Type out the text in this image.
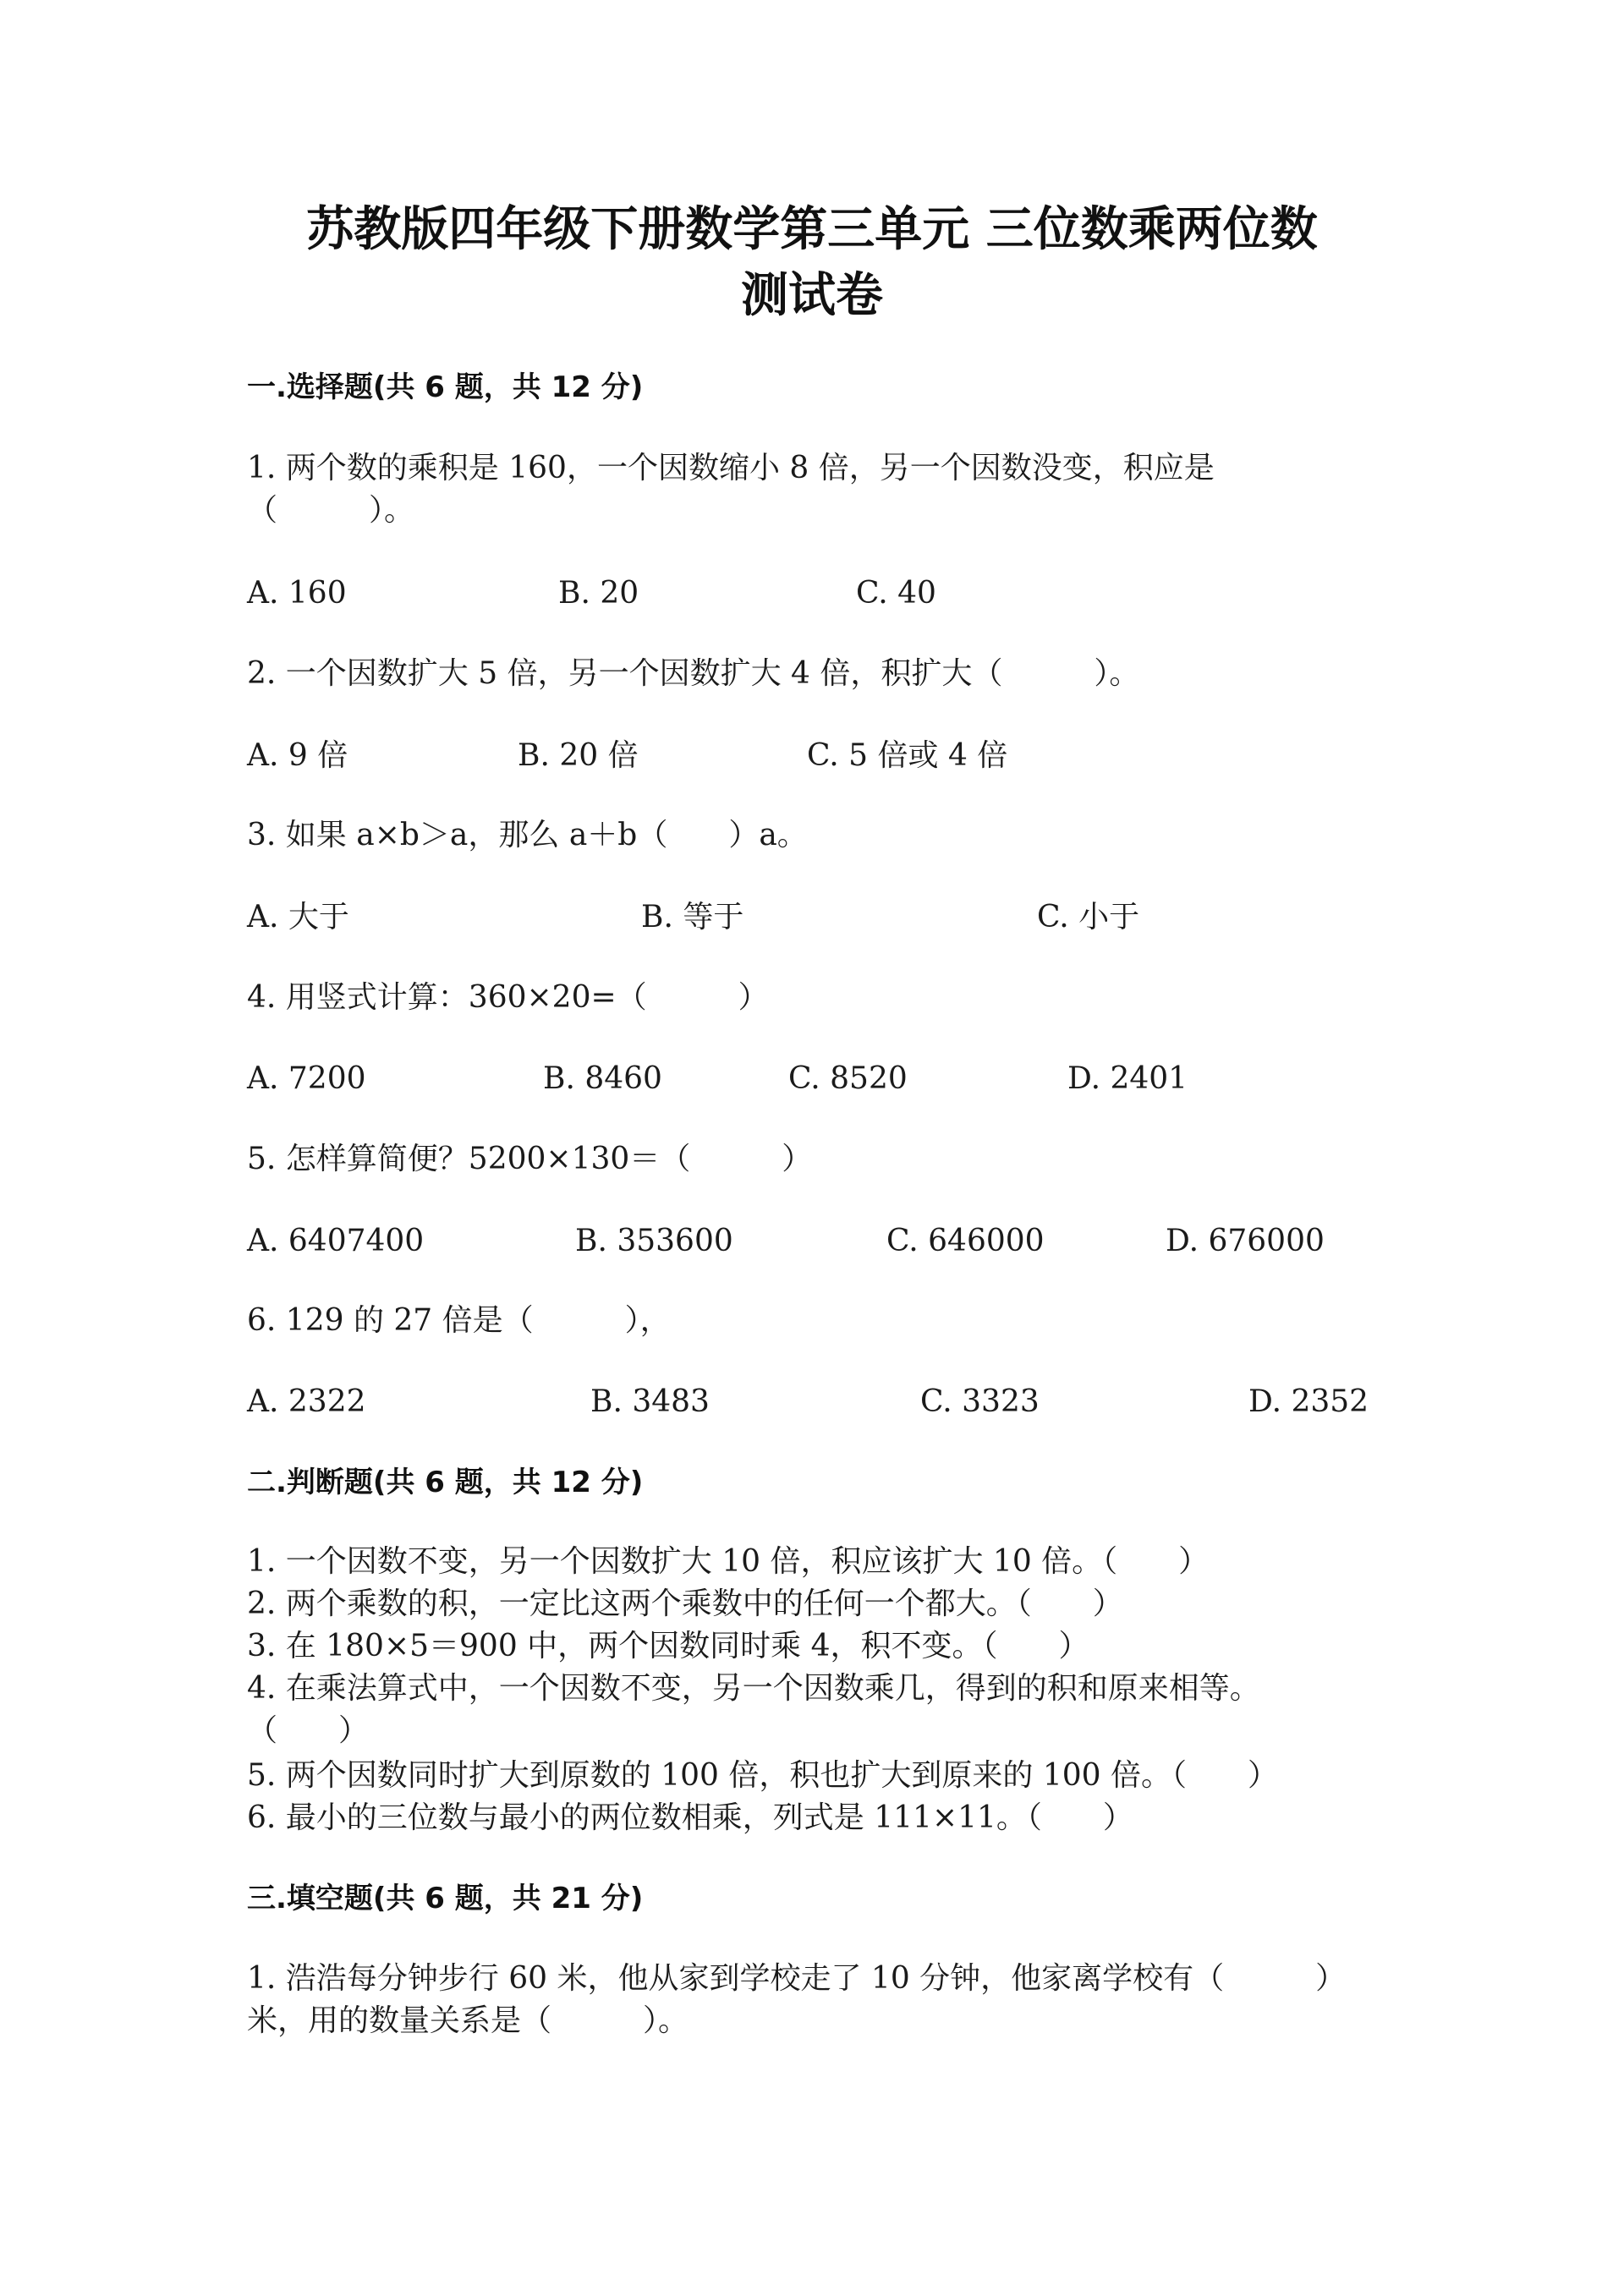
苏教版四年级下册数学第三单元 三位数乘两位数
测试卷
一.选择题(共 6 题，共 12 分)
1. 两个数的乘积是 160，一个因数缩小 8 倍，另一个因数没变，积应是
（　　　）。
A. 160	B. 20	C. 40
2. 一个因数扩大 5 倍，另一个因数扩大 4 倍，积扩大（　　　）。
A. 9 倍	B. 20 倍	C. 5 倍或 4 倍
3. 如果 a×b＞a，那么 a＋b（　　）a。
A. 大于	B. 等于	C. 小于
4. 用竖式计算：360×20=（　　　）
A. 7200	B. 8460	C. 8520	D. 2401
5. 怎样算简便？5200×130＝（　　　）
A. 6407400	B. 353600	C. 646000	D. 676000
6. 129 的 27 倍是（　　　），
A. 2322	B. 3483	C. 3323	D. 2352
二.判断题(共 6 题，共 12 分)
1. 一个因数不变，另一个因数扩大 10 倍，积应该扩大 10 倍。（　　）
2. 两个乘数的积，一定比这两个乘数中的任何一个都大。（　　）
3. 在 180×5＝900 中，两个因数同时乘 4，积不变。（　　）
4. 在乘法算式中，一个因数不变，另一个因数乘几，得到的积和原来相等。
（　　）
5. 两个因数同时扩大到原数的 100 倍，积也扩大到原来的 100 倍。（　　）
6. 最小的三位数与最小的两位数相乘，列式是 111×11。（　　）
三.填空题(共 6 题，共 21 分)
1. 浩浩每分钟步行 60 米，他从家到学校走了 10 分钟，他家离学校有（　　　）
米，用的数量关系是（　　　）。
